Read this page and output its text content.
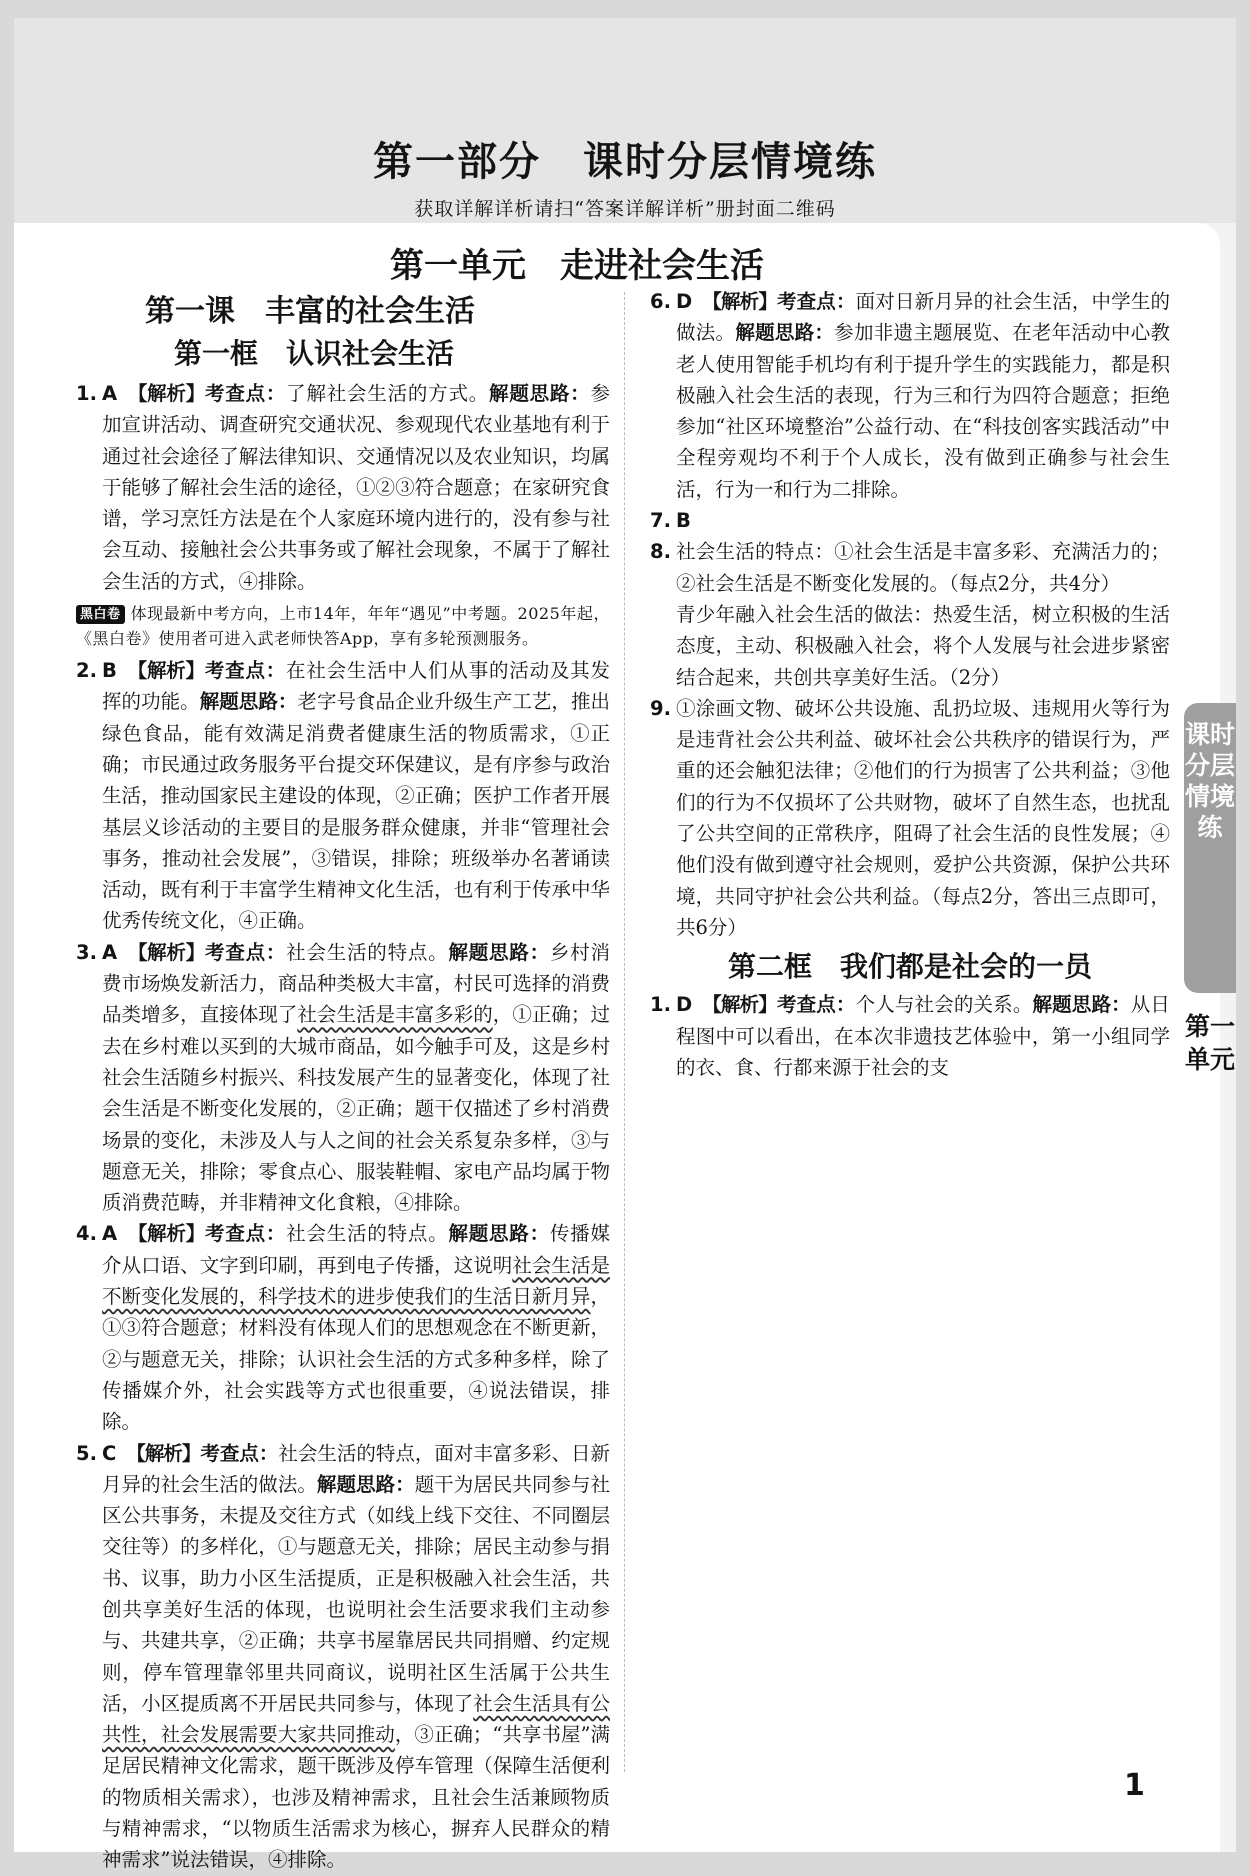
第一部分　课时分层情境练
获取详解详析请扫“答案详解详析”册封面二维码
第一单元　走进社会生活
第一课　丰富的社会生活
第一框　认识社会生活

1. A 【解析】考查点：了解社会生活的方式。解题思路：参加宣讲活动、调查研究交通状况、参观现代农业基地有利于通过社会途径了解法律知识、交通情况以及农业知识，均属于能够了解社会生活的途径，①②③符合题意；在家研究食谱，学习烹饪方法是在个人家庭环境内进行的，没有参与社会互动、接触社会公共事务或了解社会现象，不属于了解社会生活的方式，④排除。

黑白卷 体现最新中考方向，上市14年，年年“遇见”中考题。2025年起，《黑白卷》使用者可进入武老师快答App，享有多轮预测服务。

2. B 【解析】考查点：在社会生活中人们从事的活动及其发挥的功能。解题思路：老字号食品企业升级生产工艺，推出绿色食品，能有效满足消费者健康生活的物质需求，①正确；市民通过政务服务平台提交环保建议，是有序参与政治生活，推动国家民主建设的体现，②正确；医护工作者开展基层义诊活动的主要目的是服务群众健康，并非“管理社会事务，推动社会发展”，③错误，排除；班级举办名著诵读活动，既有利于丰富学生精神文化生活，也有利于传承中华优秀传统文化，④正确。

3. A 【解析】考查点：社会生活的特点。解题思路：乡村消费市场焕发新活力，商品种类极大丰富，村民可选择的消费品类增多，直接体现了社会生活是丰富多彩的，①正确；过去在乡村难以买到的大城市商品，如今触手可及，这是乡村社会生活随乡村振兴、科技发展产生的显著变化，体现了社会生活是不断变化发展的，②正确；题干仅描述了乡村消费场景的变化，未涉及人与人之间的社会关系复杂多样，③与题意无关，排除；零食点心、服装鞋帽、家电产品均属于物质消费范畴，并非精神文化食粮，④排除。

4. A 【解析】考查点：社会生活的特点。解题思路：传播媒介从口语、文字到印刷，再到电子传播，这说明社会生活是不断变化发展的，科学技术的进步使我们的生活日新月异，①③符合题意；材料没有体现人们的思想观念在不断更新，②与题意无关，排除；认识社会生活的方式多种多样，除了传播媒介外，社会实践等方式也很重要，④说法错误，排除。

5. C 【解析】考查点：社会生活的特点，面对丰富多彩、日新月异的社会生活的做法。解题思路：题干为居民共同参与社区公共事务，未提及交往方式（如线上线下交往、不同圈层交往等）的多样化，①与题意无关，排除；居民主动参与捐书、议事，助力小区生活提质，正是积极融入社会生活，共创共享美好生活的体现，也说明社会生活要求我们主动参与、共建共享，②正确；共享书屋靠居民共同捐赠、约定规则，停车管理靠邻里共同商议，说明社区生活属于公共生活，小区提质离不开居民共同参与，体现了社会生活具有公共性，社会发展需要大家共同推动，③正确；“共享书屋”满足居民精神文化需求，题干既涉及停车管理（保障生活便利的物质相关需求），也涉及精神需求，且社会生活兼顾物质与精神需求，“以物质生活需求为核心，摒弃人民群众的精神需求”说法错误，④排除。

6. D 【解析】考查点：面对日新月异的社会生活，中学生的做法。解题思路：参加非遗主题展览、在老年活动中心教老人使用智能手机均有利于提升学生的实践能力，都是积极融入社会生活的表现，行为三和行为四符合题意；拒绝参加“社区环境整治”公益行动、在“科技创客实践活动”中全程旁观均不利于个人成长，没有做到正确参与社会生活，行为一和行为二排除。

7. B

8. 社会生活的特点：①社会生活是丰富多彩、充满活力的；②社会生活是不断变化发展的。（每点2分，共4分）

青少年融入社会生活的做法：热爱生活，树立积极的生活态度，主动、积极融入社会，将个人发展与社会进步紧密结合起来，共创共享美好生活。（2分）

9. ①涂画文物、破坏公共设施、乱扔垃圾、违规用火等行为是违背社会公共利益、破坏社会公共秩序的错误行为，严重的还会触犯法律；②他们的行为损害了公共利益；③他们的行为不仅损坏了公共财物，破坏了自然生态，也扰乱了公共空间的正常秩序，阻碍了社会生活的良性发展；④他们没有做到遵守社会规则，爱护公共资源，保护公共环境，共同守护社会公共利益。（每点2分，答出三点即可，共6分）

第二框　我们都是社会的一员

1. D 【解析】考查点：个人与社会的关系。解题思路：从日程图中可以看出，在本次非遗技艺体验中，第一小组同学的衣、食、行都来源于社会的支

课时分层情境练
第一单元
1
